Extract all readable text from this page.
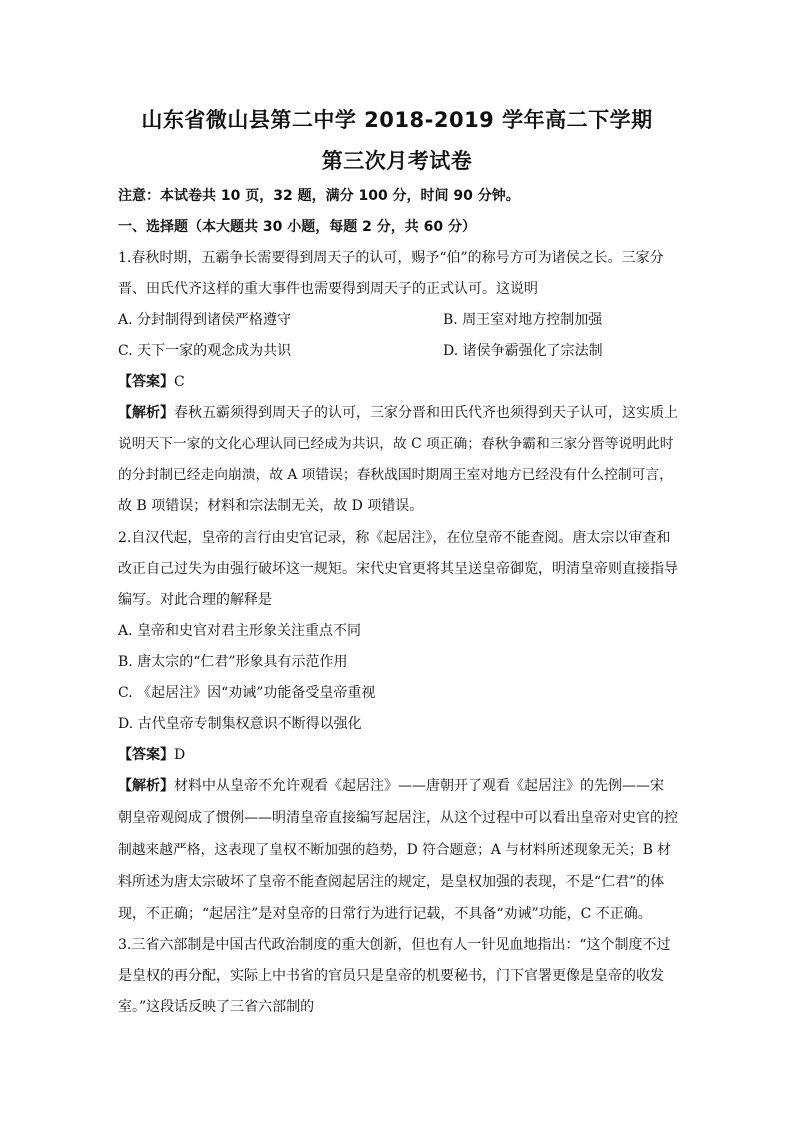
山东省微山县第二中学 2018-2019 学年高二下学期
第三次月考试卷
注意：本试卷共 10 页，32 题，满分 100 分，时间 90 分钟。
一、选择题（本大题共 30 小题，每题 2 分，共 60 分）
1.春秋时期，五霸争长需要得到周天子的认可，赐予“伯”的称号方可为诸侯之长。三家分
晋、田氏代齐这样的重大事件也需要得到周天子的正式认可。这说明
A. 分封制得到诸侯严格遵守	B. 周王室对地方控制加强
C. 天下一家的观念成为共识	D. 诸侯争霸强化了宗法制
【答案】C
【解析】春秋五霸须得到周天子的认可，三家分晋和田氏代齐也须得到天子认可，这实质上
说明天下一家的文化心理认同已经成为共识，故 C 项正确；春秋争霸和三家分晋等说明此时
的分封制已经走向崩溃，故 A 项错误；春秋战国时期周王室对地方已经没有什么控制可言，
故 B 项错误；材料和宗法制无关，故 D 项错误。
2.自汉代起，皇帝的言行由史官记录，称《起居注》，在位皇帝不能查阅。唐太宗以审查和
改正自己过失为由强行破坏这一规矩。宋代史官更将其呈送皇帝御览，明清皇帝则直接指导
编写。对此合理的解释是
A. 皇帝和史官对君主形象关注重点不同
B. 唐太宗的“仁君”形象具有示范作用
C. 《起居注》因“劝诫”功能备受皇帝重视
D. 古代皇帝专制集权意识不断得以强化
【答案】D
【解析】材料中从皇帝不允许观看《起居注》——唐朝开了观看《起居注》的先例——宋
朝皇帝观阅成了惯例——明清皇帝直接编写起居注，从这个过程中可以看出皇帝对史官的控
制越来越严格，这表现了皇权不断加强的趋势，D 符合题意；A 与材料所述现象无关；B 材
料所述为唐太宗破坏了皇帝不能查阅起居注的规定，是皇权加强的表现，不是“仁君”的体
现，不正确；“起居注”是对皇帝的日常行为进行记载，不具备“劝诫”功能，C 不正确。
3.三省六部制是中国古代政治制度的重大创新，但也有人一针见血地指出：“这个制度不过
是皇权的再分配，实际上中书省的官员只是皇帝的机要秘书，门下官署更像是皇帝的收发
室。”这段话反映了三省六部制的
